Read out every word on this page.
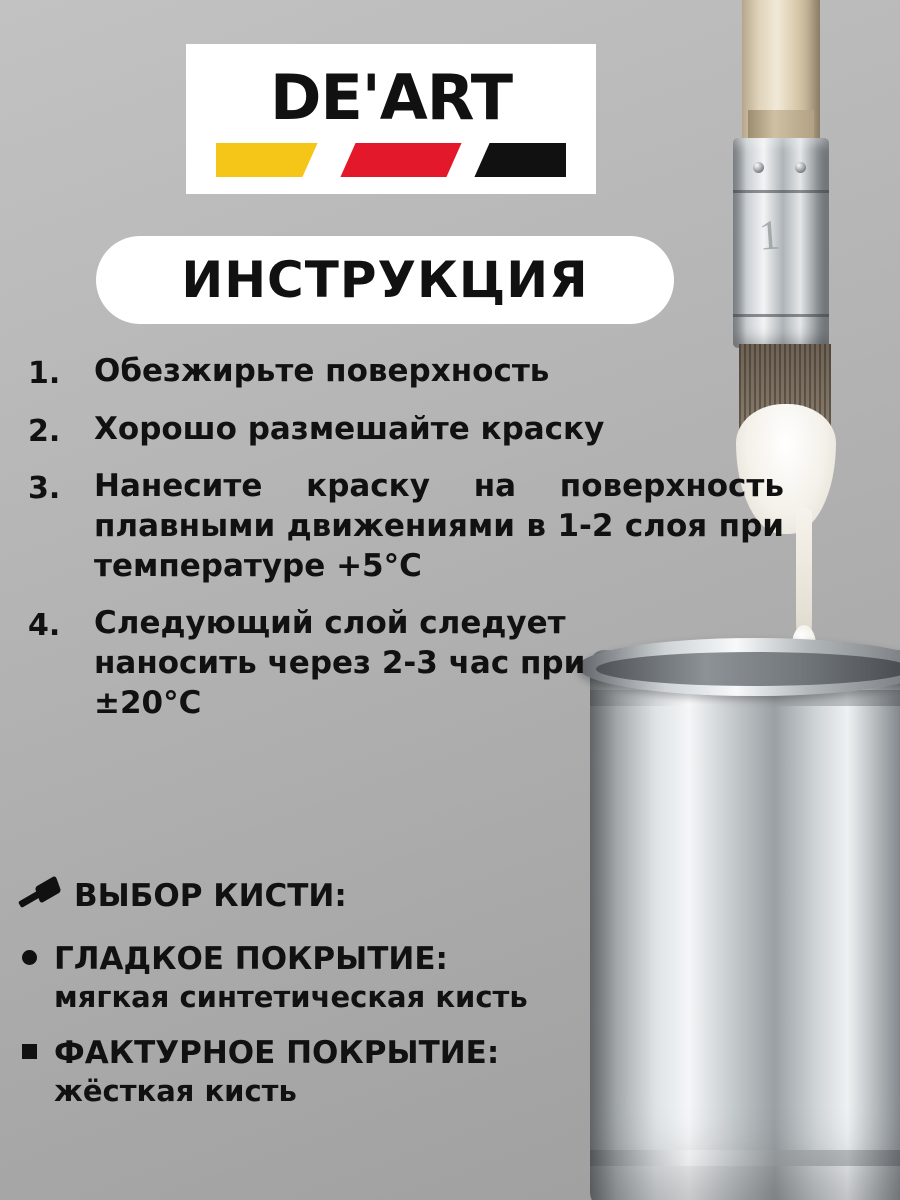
1
DE'ART
ИНСТРУКЦИЯ
1.	Обезжирьте поверхность
2.	Хорошо размешайте краску
3.	Нанесите краску на поверхность плавными движениями в 1-2 слоя при температуре +5°C
4.	Следующий слой следует наносить через 2-3 час при ±20°C
ВЫБОР КИСТИ:
ГЛАДКОЕ ПОКРЫТИЕ:
мягкая синтетическая кисть
ФАКТУРНОЕ ПОКРЫТИЕ:
жёсткая кисть
